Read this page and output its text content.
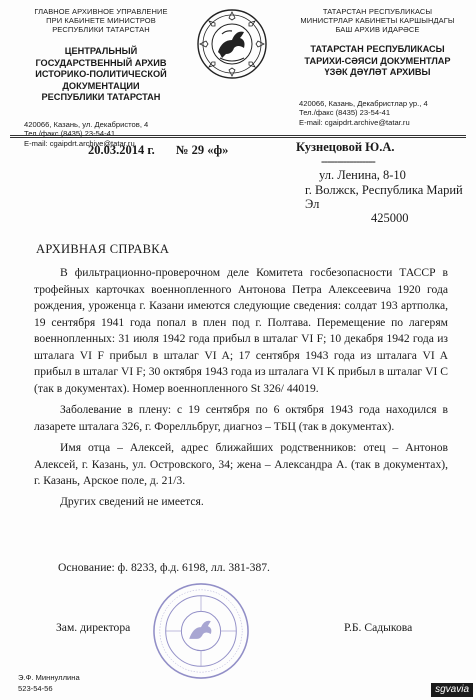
ГЛАВНОЕ АРХИВНОЕ УПРАВЛЕНИЕ
ПРИ КАБИНЕТЕ МИНИСТРОВ
РЕСПУБЛИКИ ТАТАРСТАН
ЦЕНТРАЛЬНЫЙ
ГОСУДАРСТВЕННЫЙ АРХИВ
ИСТОРИКО-ПОЛИТИЧЕСКОЙ
ДОКУМЕНТАЦИИ
РЕСПУБЛИКИ ТАТАРСТАН
420066, Казань, ул. Декабристов, 4
Тел./факс (8435) 23-54-41
E-mail: cgaipdrt.archive@tatar.ru
ТАТАРСТАН РЕСПУБЛИКАСЫ
МИНИСТРЛАР КАБИНЕТЫ КАРШЫНДАГЫ
БАШ АРХИВ ИДАРӘСЕ
ТАТАРСТАН РЕСПУБЛИКАСЫ
ТАРИХИ-СӘЯСИ ДОКУМЕНТЛАР
ҮЗӘК ДӘҮЛӘТ АРХИВЫ
420066, Казань, Декабристлар ур., 4
Тел./факс (8435) 23-54-41
E-mail: cgaipdrt.archive@tatar.ru
20.03.2014 г. № 29 «ф»	Кузнецовой Ю.А.
-----------------
ул. Ленина, 8-10
г. Волжск, Республика Марий Эл
425000
АРХИВНАЯ СПРАВКА

В фильтрационно-проверочном деле Комитета госбезопасности ТАССР в трофейных карточках военнопленного Антонова Петра Алексеевича 1920 года рождения, уроженца г. Казани имеются следующие сведения: солдат 193 артполка, 19 сентября 1941 года попал в плен под г. Полтава. Перемещение по лагерям военнопленных: 31 июля 1942 года прибыл в шталаг VI F; 10 декабря 1942 года из шталага VI F прибыл в шталаг VI A; 17 сентября 1943 года из шталага VI A прибыл в шталаг VI F; 30 октября 1943 года из шталага VI K прибыл в шталаг VI C (так в документах). Номер военнопленного St 326/ 44019.

Заболевание в плену: с 19 сентября по 6 октября 1943 года находился в лазарете шталага 326, г. Форелльбруг, диагноз – ТБЦ (так в документах).

Имя отца – Алексей, адрес ближайших родственников: отец – Антонов Алексей, г. Казань, ул. Островского, 34; жена – Александра А. (так в документах), г. Казань, Арское поле, д. 21/3.

Других сведений не имеется.

Основание: ф. 8233, ф.д. 6198, лл. 381-387.
Зам. директора	Р.Б. Садыкова
Э.Ф. Миннуллина
523-54-56	sgvavia
